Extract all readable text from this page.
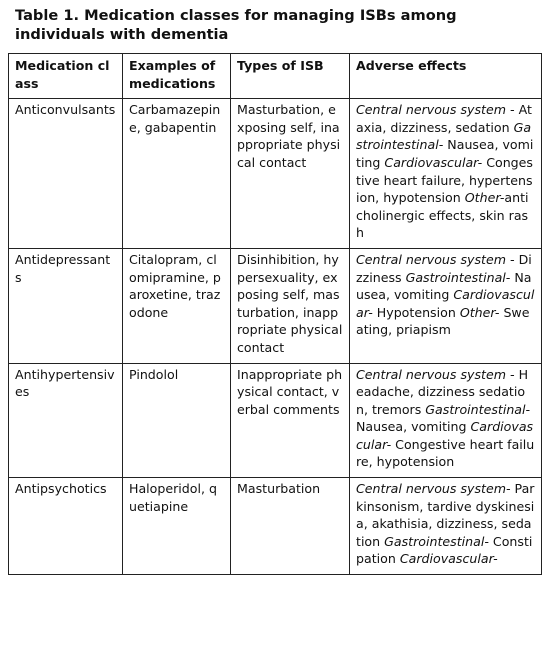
Table 1. Medication classes for managing ISBs among individuals with dementia

Medication class	Examples of medications	Types of ISB	Adverse effects
Anticonvulsants	Carbamazepine, gabapentin	Masturbation, exposing self, inappropriate physical contact	Central nervous system - Ataxia, dizziness, sedation Gastrointestinal- Nausea, vomiting Cardiovascular- Congestive heart failure, hypertension, hypotension Other-anticholinergic effects, skin rash
Antidepressants	Citalopram, clomipramine, paroxetine, trazodone	Disinhibition, hypersexuality, exposing self, masturbation, inappropriate physical contact	Central nervous system - Dizziness Gastrointestinal- Nausea, vomiting Cardiovascular- Hypotension Other- Sweating, priapism
Antihypertensives	Pindolol	Inappropriate physical contact, verbal comments	Central nervous system - Headache, dizziness sedation, tremors Gastrointestinal- Nausea, vomiting Cardiovascular- Congestive heart failure, hypotension
Antipsychotics	Haloperidol, quetiapine	Masturbation	Central nervous system- Parkinsonism, tardive dyskinesia, akathisia, dizziness, sedation Gastrointestinal- Constipation Cardiovascular-
